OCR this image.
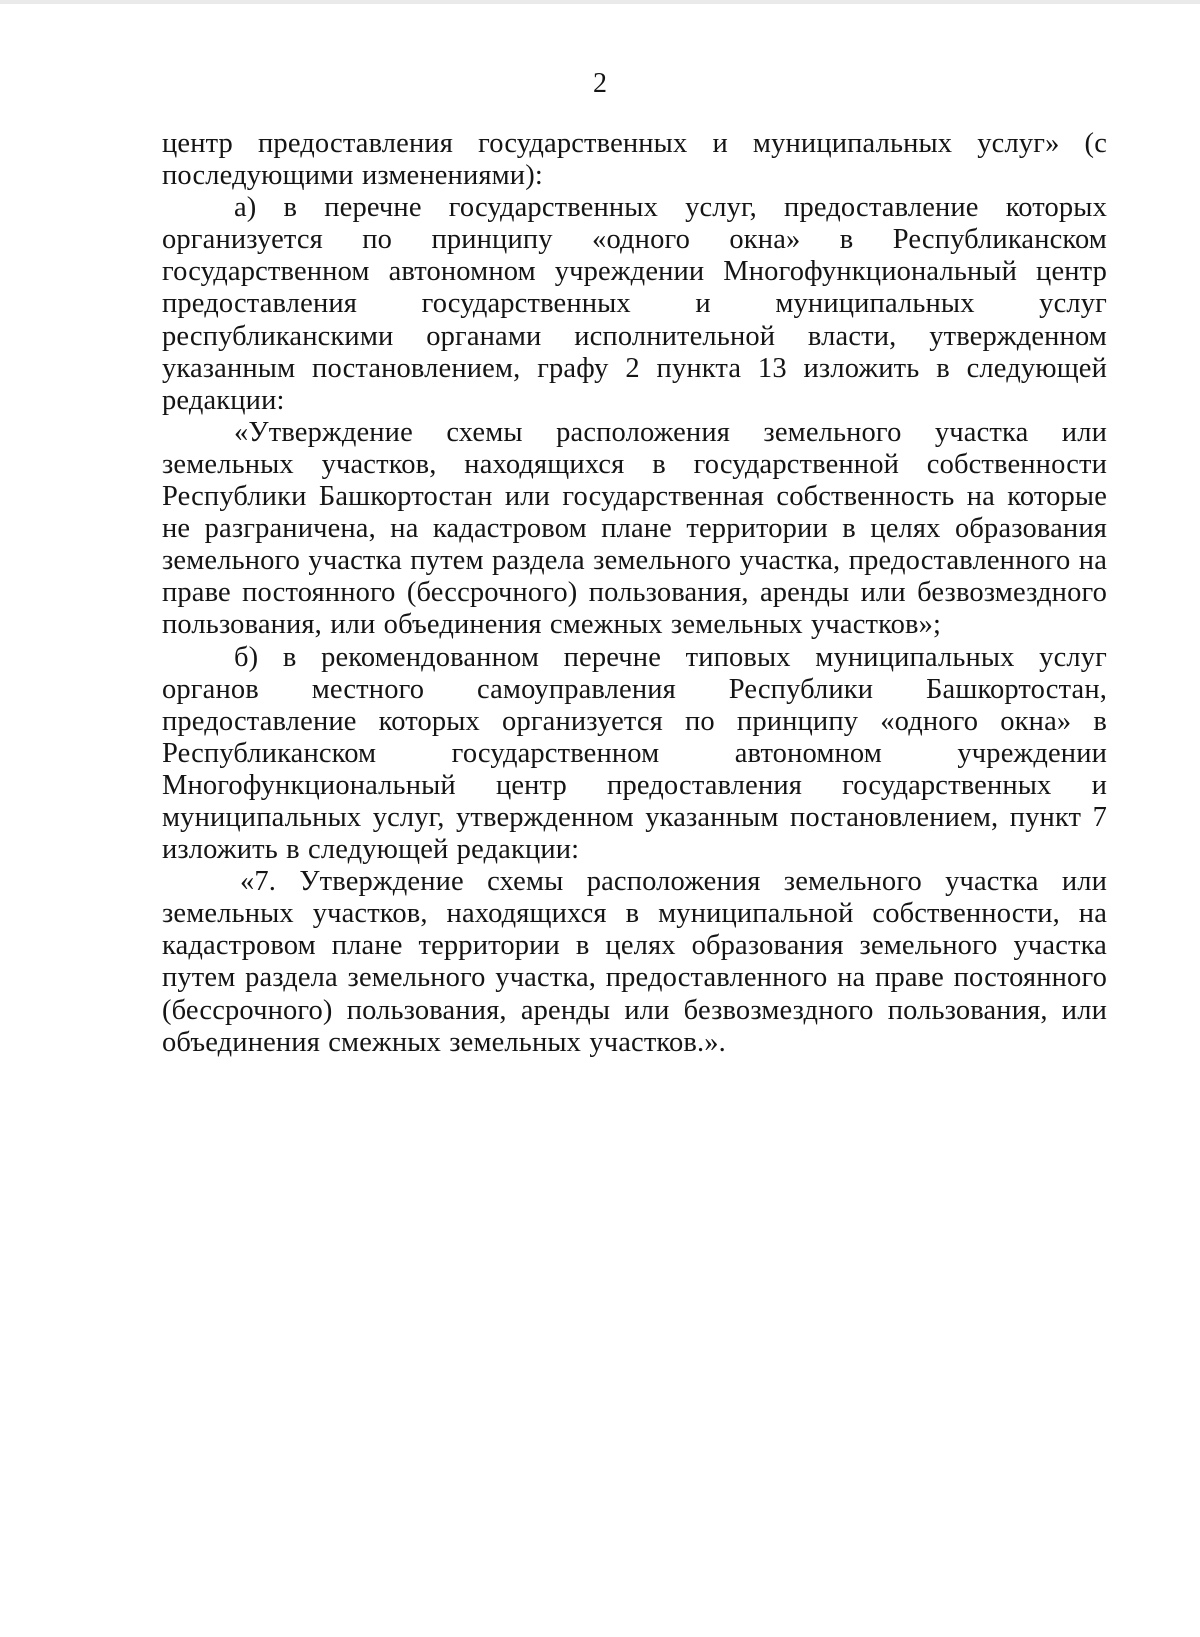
2

центр предоставления государственных и муниципальных услуг» (с последующими изменениями):

а) в перечне государственных услуг, предоставление которых организуется по принципу «одного окна» в Республиканском государственном автономном учреждении Многофункциональный центр предоставления государственных и муниципальных услуг республиканскими органами исполнительной власти, утвержденном указанным постановлением, графу 2 пункта 13 изложить в следующей редакции:

«Утверждение схемы расположения земельного участка или земельных участков, находящихся в государственной собственности Республики Башкортостан или государственная собственность на которые не разграничена, на кадастровом плане территории в целях образования земельного участка путем раздела земельного участка, предоставленного на праве постоянного (бессрочного) пользования, аренды или безвозмездного пользования, или объединения смежных земельных участков»;

б) в рекомендованном перечне типовых муниципальных услуг органов местного самоуправления Республики Башкортостан, предоставление которых организуется по принципу «одного окна» в Республиканском государственном автономном учреждении Многофункциональный центр предоставления государственных и муниципальных услуг, утвержденном указанным постановлением, пункт 7 изложить в следующей редакции:

«7. Утверждение схемы расположения земельного участка или земельных участков, находящихся в муниципальной собственности, на кадастровом плане территории в целях образования земельного участка путем раздела земельного участка, предоставленного на праве постоянного (бессрочного) пользования, аренды или безвозмездного пользования, или объединения смежных земельных участков.».
